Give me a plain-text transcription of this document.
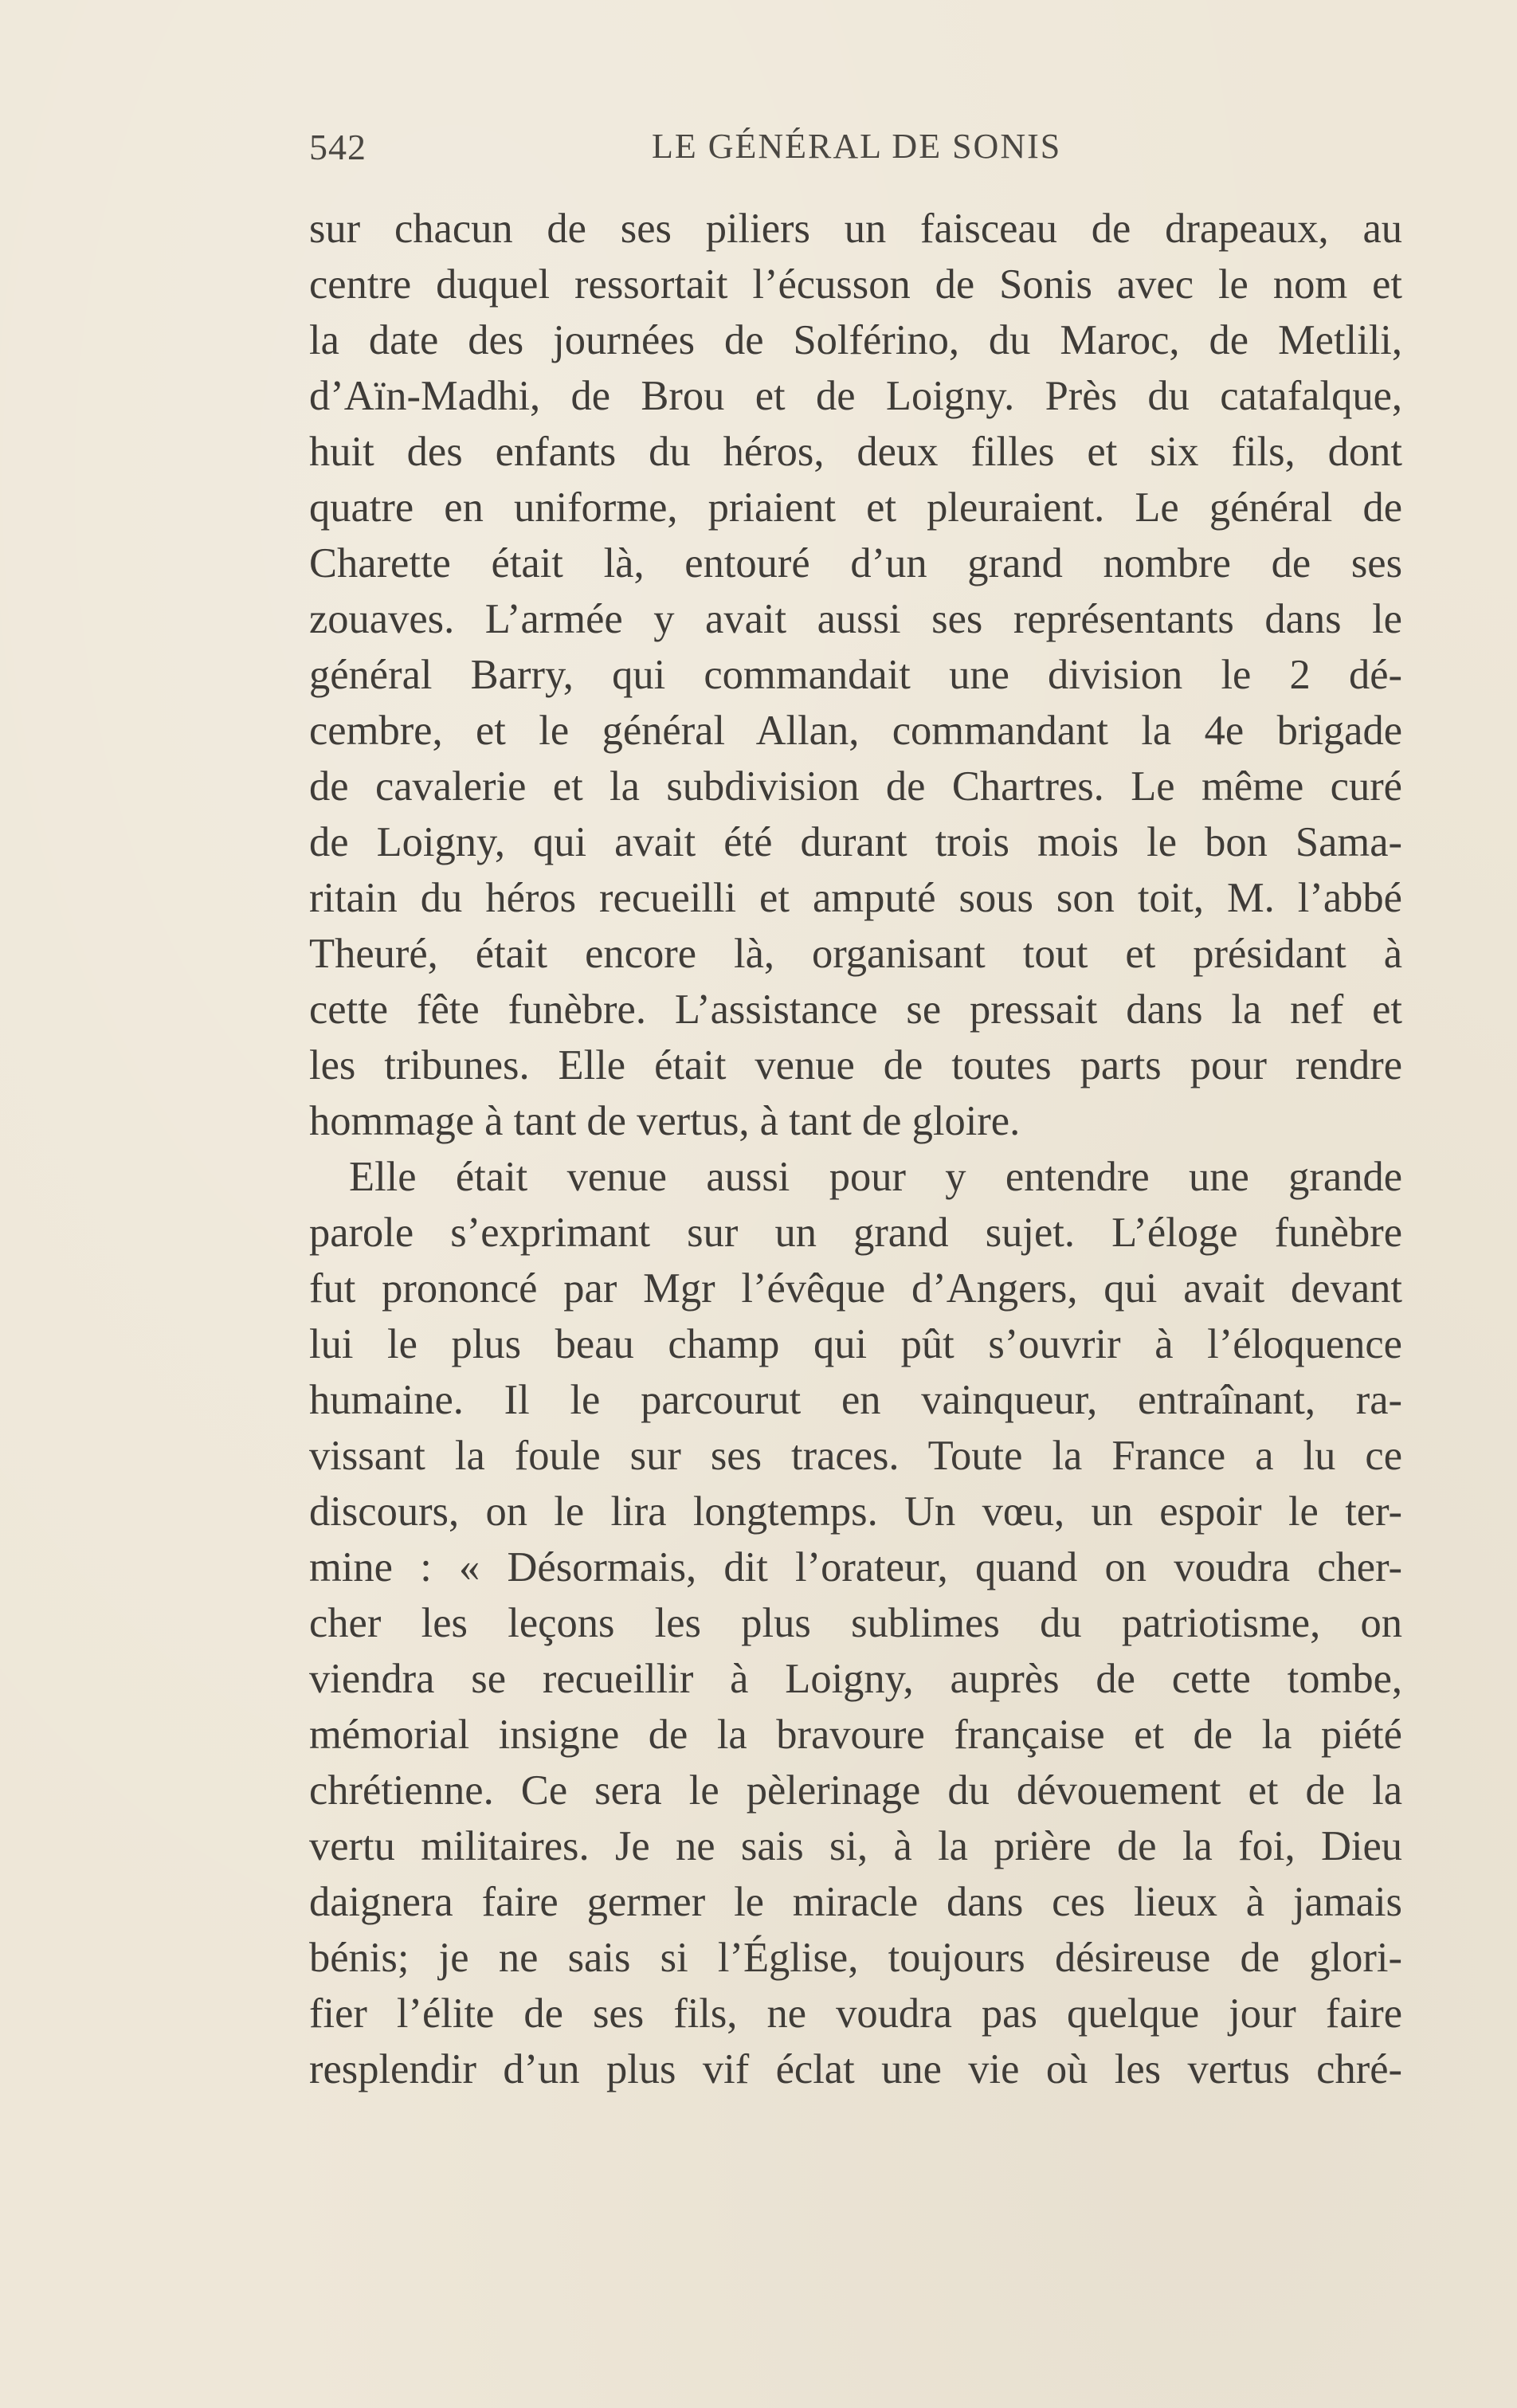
542	LE GÉNÉRAL DE SONIS
sur chacun de ses piliers un faisceau de drapeaux, au
centre duquel ressortait l’écusson de Sonis avec le nom et
la date des journées de Solférino, du Maroc, de Metlili,
d’Aïn-Madhi, de Brou et de Loigny. Près du catafalque,
huit des enfants du héros, deux filles et six fils, dont
quatre en uniforme, priaient et pleuraient. Le général de
Charette était là, entouré d’un grand nombre de ses
zouaves. L’armée y avait aussi ses représentants dans le
général Barry, qui commandait une division le 2 dé-
cembre, et le général Allan, commandant la 4e brigade
de cavalerie et la subdivision de Chartres. Le même curé
de Loigny, qui avait été durant trois mois le bon Sama-
ritain du héros recueilli et amputé sous son toit, M. l’abbé
Theuré, était encore là, organisant tout et présidant à
cette fête funèbre. L’assistance se pressait dans la nef et
les tribunes. Elle était venue de toutes parts pour rendre
hommage à tant de vertus, à tant de gloire.
Elle était venue aussi pour y entendre une grande
parole s’exprimant sur un grand sujet. L’éloge funèbre
fut prononcé par Mgr l’évêque d’Angers, qui avait devant
lui le plus beau champ qui pût s’ouvrir à l’éloquence
humaine. Il le parcourut en vainqueur, entraînant, ra-
vissant la foule sur ses traces. Toute la France a lu ce
discours, on le lira longtemps. Un vœu, un espoir le ter-
mine : « Désormais, dit l’orateur, quand on voudra cher-
cher les leçons les plus sublimes du patriotisme, on
viendra se recueillir à Loigny, auprès de cette tombe,
mémorial insigne de la bravoure française et de la piété
chrétienne. Ce sera le pèlerinage du dévouement et de la
vertu militaires. Je ne sais si, à la prière de la foi, Dieu
daignera faire germer le miracle dans ces lieux à jamais
bénis; je ne sais si l’Église, toujours désireuse de glori-
fier l’élite de ses fils, ne voudra pas quelque jour faire
resplendir d’un plus vif éclat une vie où les vertus chré-
